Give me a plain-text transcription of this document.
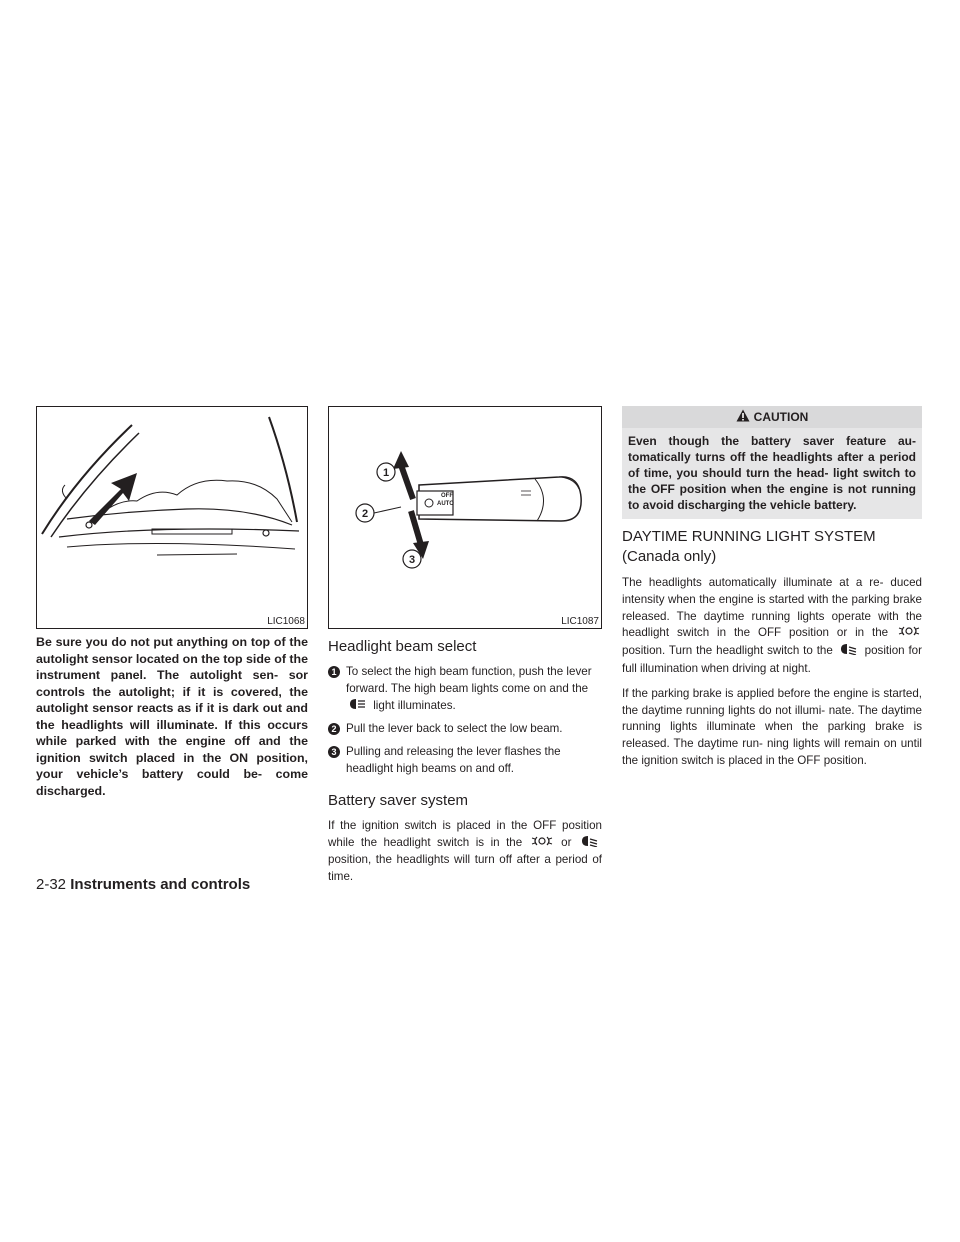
LIC1068
OFF
AUTO
1
2
3
LIC1087

Be sure you do not put anything on top of the autolight sensor located on the top side of the instrument panel. The autolight sen- sor controls the autolight; if it is covered, the autolight sensor reacts as if it is dark out and the headlights will illuminate. If this occurs while parked with the engine off and the ignition switch placed in the ON position, your vehicle’s battery could be- come discharged.

Headlight beam select

1 To select the high beam function, push the lever forward. The high beam lights come on and the  light illuminates.

2 Pull the lever back to select the low beam.

3 Pulling and releasing the lever flashes the headlight high beams on and off.

Battery saver system

If the ignition switch is placed in the OFF position while the headlight switch is in the	or  position, the headlights will turn off after a period of time.

CAUTION
Even though the battery saver feature au- tomatically turns off the headlights after a period of time, you should turn the head- light switch to the OFF position when the engine is not running to avoid discharging the vehicle battery.
DAYTIME RUNNING LIGHT SYSTEM
(Canada only)

The headlights automatically illuminate at a re- duced intensity when the engine is started with the parking brake released. The daytime running lights operate with the headlight switch in the OFF position or in the  position. Turn the headlight switch to the	position for full illumination when driving at night.

If the parking brake is applied before the engine is started, the daytime running lights do not illumi- nate. The daytime running lights illuminate when the parking brake is released. The daytime run- ning lights will remain on until the ignition switch is placed in the OFF position.

2-32 Instruments and controls
